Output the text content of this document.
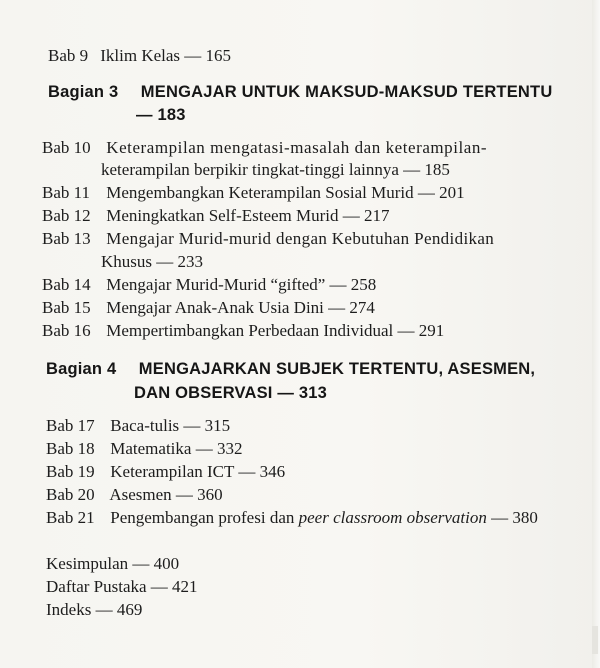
Bab 9 Iklim Kelas — 165
Bagian 3 MENGAJAR UNTUK MAKSUD-MAKSUD TERTENTU
— 183
Bab 10 Keterampilan mengatasi-masalah dan keterampilan-
keterampilan berpikir tingkat-tinggi lainnya — 185
Bab 11 Mengembangkan Keterampilan Sosial Murid — 201
Bab 12 Meningkatkan Self-Esteem Murid — 217
Bab 13 Mengajar Murid-murid dengan Kebutuhan Pendidikan
Khusus — 233
Bab 14 Mengajar Murid-Murid “gifted” — 258
Bab 15 Mengajar Anak-Anak Usia Dini — 274
Bab 16 Mempertimbangkan Perbedaan Individual — 291
Bagian 4 MENGAJARKAN SUBJEK TERTENTU, ASESMEN,
DAN OBSERVASI — 313
Bab 17 Baca-tulis — 315
Bab 18 Matematika — 332
Bab 19 Keterampilan ICT — 346
Bab 20 Asesmen — 360
Bab 21 Pengembangan profesi dan peer classroom observation — 380
Kesimpulan — 400
Daftar Pustaka — 421
Indeks — 469
